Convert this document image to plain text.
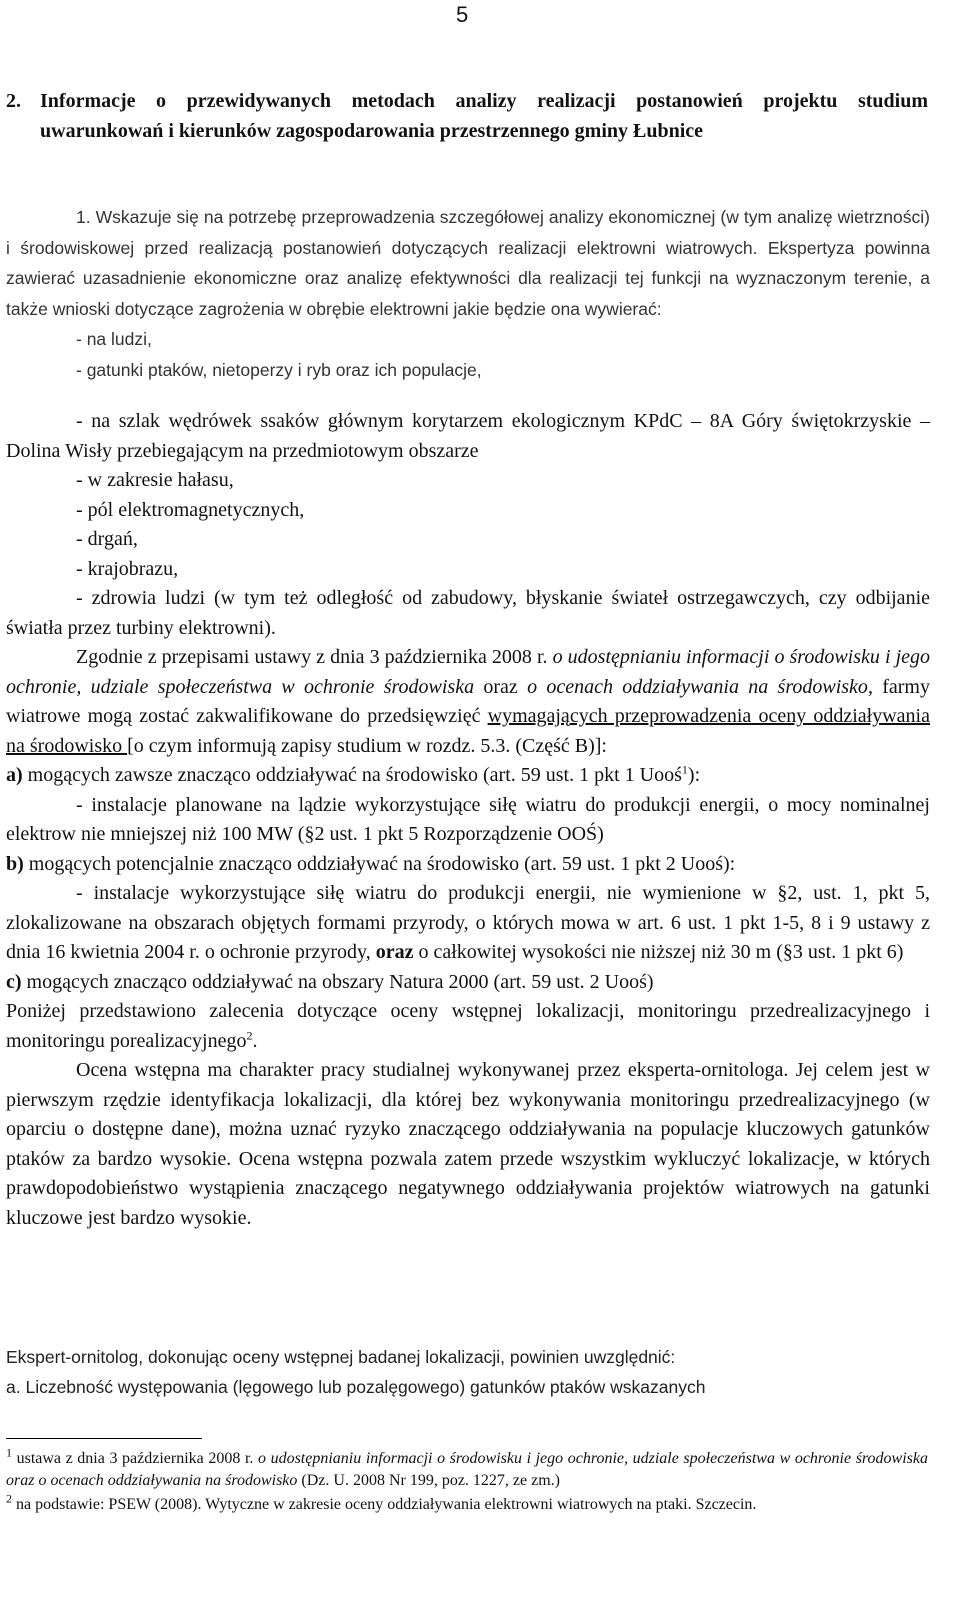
5
2. Informacje o przewidywanych metodach analizy realizacji postanowień projektu studium uwarunkowań i kierunków zagospodarowania przestrzennego gminy Łubnice

1. Wskazuje się na potrzebę przeprowadzenia szczegółowej analizy ekonomicznej (w tym analizę wietrzności) i środowiskowej przed realizacją postanowień dotyczących realizacji elektrowni wiatrowych. Ekspertyza powinna zawierać uzasadnienie ekonomiczne oraz analizę efektywności dla realizacji tej funkcji na wyznaczonym terenie, a także wnioski dotyczące zagrożenia w obrębie elektrowni jakie będzie ona wywierać:

- na ludzi,

- gatunki ptaków, nietoperzy i ryb oraz ich populacje,

- na szlak wędrówek ssaków głównym korytarzem ekologicznym KPdC – 8A Góry świętokrzyskie – Dolina Wisły przebiegającym na przedmiotowym obszarze

- w zakresie hałasu,

- pól elektromagnetycznych,

- drgań,

- krajobrazu,

- zdrowia ludzi (w tym też odległość od zabudowy, błyskanie świateł ostrzegawczych, czy odbijanie światła przez turbiny elektrowni).

Zgodnie z przepisami ustawy z dnia 3 października 2008 r. o udostępnianiu informacji o środowisku i jego ochronie, udziale społeczeństwa w ochronie środowiska oraz o ocenach oddziaływania na środowisko, farmy wiatrowe mogą zostać zakwalifikowane do przedsięwzięć wymagających przeprowadzenia oceny oddziaływania na środowisko [o czym informują zapisy studium w rozdz. 5.3. (Część B)]:

a) mogących zawsze znacząco oddziaływać na środowisko (art. 59 ust. 1 pkt 1 Uooś$^1$):

- instalacje planowane na lądzie wykorzystujące siłę wiatru do produkcji energii, o mocy nominalnej elektrow nie mniejszej niż 100 MW (§2 ust. 1 pkt 5 Rozporządzenie OOŚ)

b) mogących potencjalnie znacząco oddziaływać na środowisko (art. 59 ust. 1 pkt 2 Uooś):

- instalacje wykorzystujące siłę wiatru do produkcji energii, nie wymienione w §2, ust. 1, pkt 5, zlokalizowane na obszarach objętych formami przyrody, o których mowa w art. 6 ust. 1 pkt 1-5, 8 i 9 ustawy z dnia 16 kwietnia 2004 r. o ochronie przyrody, oraz o całkowitej wysokości nie niższej niż 30 m (§3 ust. 1 pkt 6)

c) mogących znacząco oddziaływać na obszary Natura 2000 (art. 59 ust. 2 Uooś)

Poniżej przedstawiono zalecenia dotyczące oceny wstępnej lokalizacji, monitoringu przedrealizacyjnego i monitoringu porealizacyjnego$^2$.

Ocena wstępna ma charakter pracy studialnej wykonywanej przez eksperta-ornitologa. Jej celem jest w pierwszym rzędzie identyfikacja lokalizacji, dla której bez wykonywania monitoringu przedrealizacyjnego (w oparciu o dostępne dane), można uznać ryzyko znaczącego oddziaływania na populacje kluczowych gatunków ptaków za bardzo wysokie. Ocena wstępna pozwala zatem przede wszystkim wykluczyć lokalizacje, w których prawdopodobieństwo wystąpienia znaczącego negatywnego oddziaływania projektów wiatrowych na gatunki kluczowe jest bardzo wysokie.

Ekspert-ornitolog, dokonując oceny wstępnej badanej lokalizacji, powinien uwzględnić:

a. Liczebność występowania (lęgowego lub pozalęgowego) gatunków ptaków wskazanych

$^1$ ustawa z dnia 3 października 2008 r. o udostępnianiu informacji o środowisku i jego ochronie, udziale społeczeństwa w ochronie środowiska oraz o ocenach oddziaływania na środowisko (Dz. U. 2008 Nr 199, poz. 1227, ze zm.)

$^2$ na podstawie: PSEW (2008). Wytyczne w zakresie oceny oddziaływania elektrowni wiatrowych na ptaki. Szczecin.
